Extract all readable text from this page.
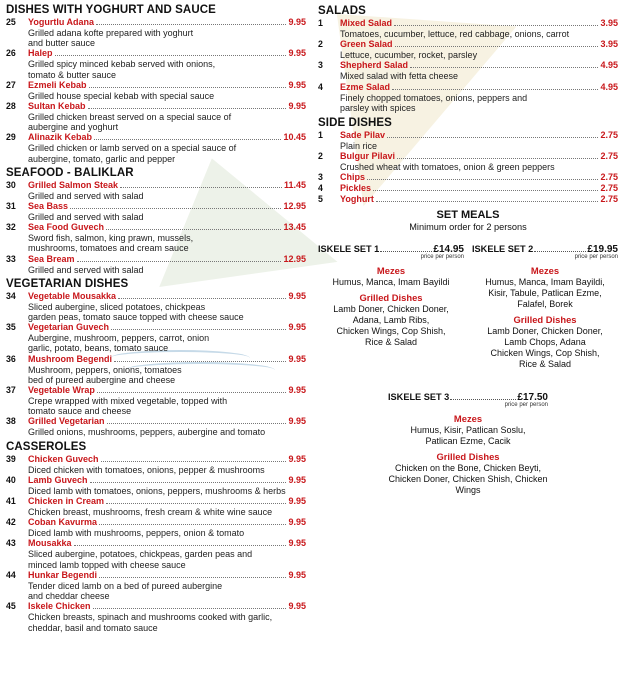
DISHES WITH YOGHURT AND SAUCE
25	Yogurtlu Adana	9.95
Grilled adana kofte prepared with yoghurt
and butter sauce
26	Halep	9.95
Grilled spicy minced kebab served with onions,
tomato & butter sauce
27	Ezmeli Kebab	9.95
Grilled house special kebab with special sauce
28	Sultan Kebab	9.95
Grilled chicken breast served on a special sauce of
aubergine and yoghurt
29	Alinazik Kebab	10.45
Grilled chicken or lamb served on a special sauce of
aubergine, tomato, garlic and pepper
SEAFOOD - BALIKLAR
30	Grilled Salmon Steak	11.45
Grilled and served with salad
31	Sea Bass	12.95
Grilled and served with salad
32	Sea Food Guvech	13.45
Sword fish, salmon, king prawn, mussels,
mushrooms, tomatoes and cream sauce
33	Sea Bream	12.95
Grilled and served with salad
VEGETARIAN DISHES
34	Vegetable Mousakka	9.95
Sliced aubergine, sliced potatoes, chickpeas
garden peas, tomato sauce topped with cheese sauce
35	Vegetarian Guvech	9.95
Aubergine, mushroom, peppers, carrot, onion
garlic, potato, beans, tomato sauce
36	Mushroom Begendi	9.95
Mushroom, peppers, onions, tomatoes
bed of pureed aubergine and cheese
37	Vegetable Wrap	9.95
Crepe wrapped with mixed vegetable, topped with
tomato sauce and cheese
38	Grilled Vegetarian	9.95
Grilled onions, mushrooms, peppers, aubergine and tomato
CASSEROLES
39	Chicken Guvech	9.95
Diced chicken with tomatoes, onions, pepper & mushrooms
40	Lamb Guvech	9.95
Diced lamb with tomatoes, onions, peppers, mushrooms & herbs
41	Chicken in Cream	9.95
Chicken breast, mushrooms, fresh cream & white wine sauce
42	Coban Kavurma	9.95
Diced lamb with mushrooms, peppers, onion & tomato
43	Mousakka	9.95
Sliced aubergine, potatoes, chickpeas, garden peas and
minced lamb topped with cheese sauce
44	Hunkar Begendi	9.95
Tender diced lamb on a bed of pureed aubergine
and cheddar cheese
45	Iskele Chicken	9.95
Chicken breasts, spinach and mushrooms cooked with garlic,
cheddar, basil and tomato sauce
SALADS
1	Mixed Salad	3.95
Tomatoes, cucumber, lettuce, red cabbage, onions, carrot
2	Green Salad	3.95
Lettuce, cucumber, rocket, parsley
3	Shepherd Salad	4.95
Mixed salad with fetta cheese
4	Ezme Salad	4.95
Finely chopped tomatoes, onions, peppers and
parsley with spices
SIDE DISHES
1	Sade Pilav	2.75
Plain rice
2	Bulgur Pilavi	2.75
Crushed wheat with tomatoes, onion & green peppers
3	Chips	2.75
4	Pickles	2.75
5	Yoghurt	2.75
SET MEALS
Minimum order for 2 persons
ISKELE SET 1	£14.95
price per person
Mezes
Humus, Manca, Imam Bayildi
Grilled Dishes
Lamb Doner, Chicken Doner,
Adana, Lamb Ribs,
Chicken Wings, Cop Shish,
Rice & Salad
ISKELE SET 2	£19.95
price per person
Mezes
Humus, Manca, Imam Bayildi,
Kisir, Tabule, Patlican Ezme,
Falafel, Borek
Grilled Dishes
Lamb Doner, Chicken Doner,
Lamb Chops, Adana
Chicken Wings, Cop Shish,
Rice & Salad
ISKELE SET 3	£17.50
price per person
Mezes
Humus, Kisir, Patlican Soslu,
Patlican Ezme, Cacik
Grilled Dishes
Chicken on the Bone, Chicken Beyti,
Chicken Doner, Chicken Shish, Chicken Wings
